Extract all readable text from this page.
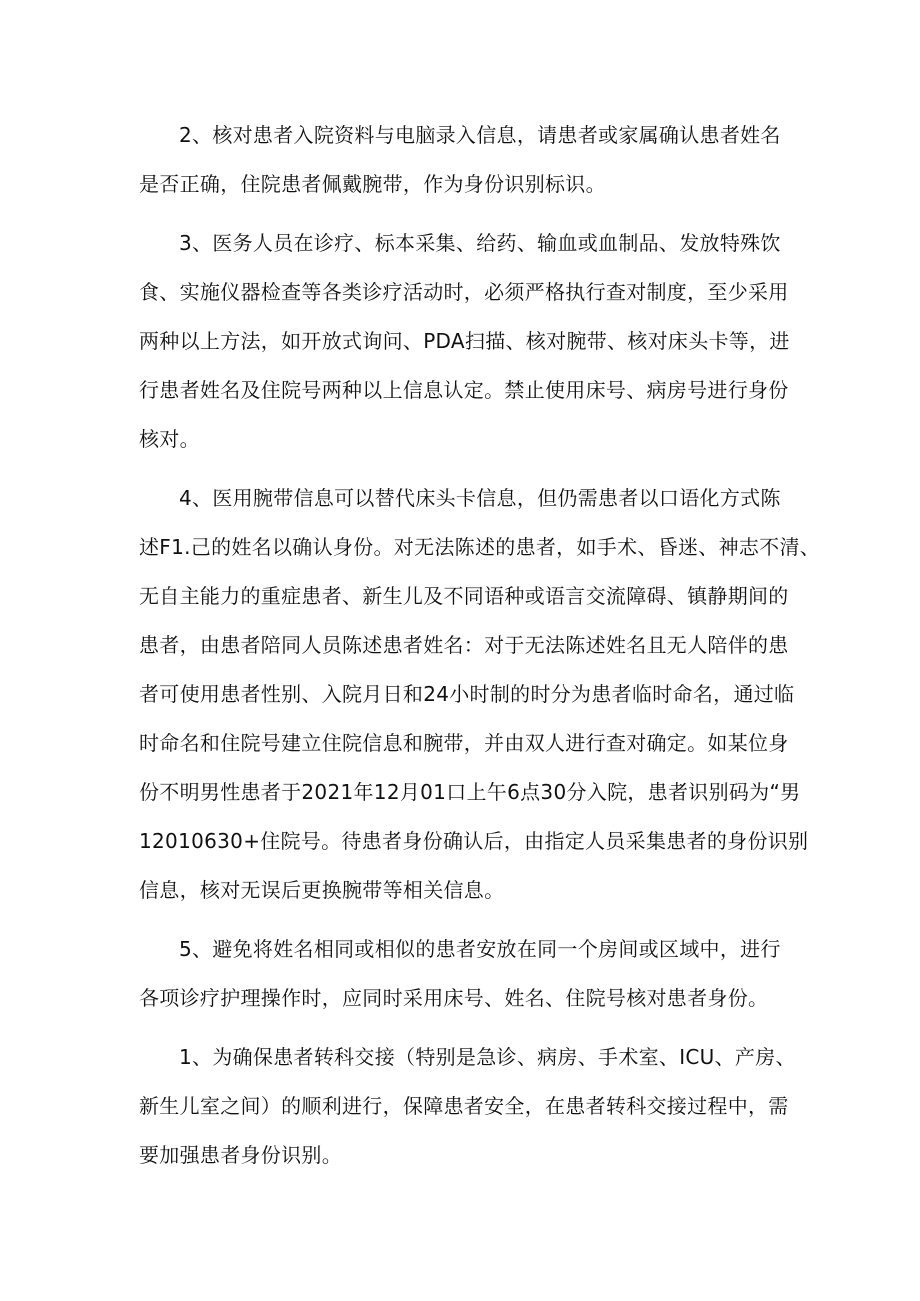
2、核对患者入院资料与电脑录入信息，请患者或家属确认患者姓名
是否正确，住院患者佩戴腕带，作为身份识别标识。
3、医务人员在诊疗、标本采集、给药、输血或血制品、发放特殊饮
食、实施仪器检查等各类诊疗活动时，必须严格执行查对制度，至少采用
两种以上方法，如开放式询问、PDA扫描、核对腕带、核对床头卡等，进
行患者姓名及住院号两种以上信息认定。禁止使用床号、病房号进行身份
核对。
4、医用腕带信息可以替代床头卡信息，但仍需患者以口语化方式陈
述F1.己的姓名以确认身份。对无法陈述的患者，如手术、昏迷、神志不清、
无自主能力的重症患者、新生儿及不同语种或语言交流障碍、镇静期间的
患者，由患者陪同人员陈述患者姓名：对于无法陈述姓名且无人陪伴的患
者可使用患者性别、入院月日和24小时制的时分为患者临时命名，通过临
时命名和住院号建立住院信息和腕带，并由双人进行查对确定。如某位身
份不明男性患者于2021年12月01口上午6点30分入院，患者识别码为“男
12010630+住院号。待患者身份确认后，由指定人员采集患者的身份识别
信息，核对无误后更换腕带等相关信息。
5、避免将姓名相同或相似的患者安放在同一个房间或区域中，进行
各项诊疗护理操作时，应同时采用床号、姓名、住院号核对患者身份。
1、为确保患者转科交接（特别是急诊、病房、手术室、ICU、产房、
新生儿室之间）的顺利进行，保障患者安全，在患者转科交接过程中，需
要加强患者身份识别。
